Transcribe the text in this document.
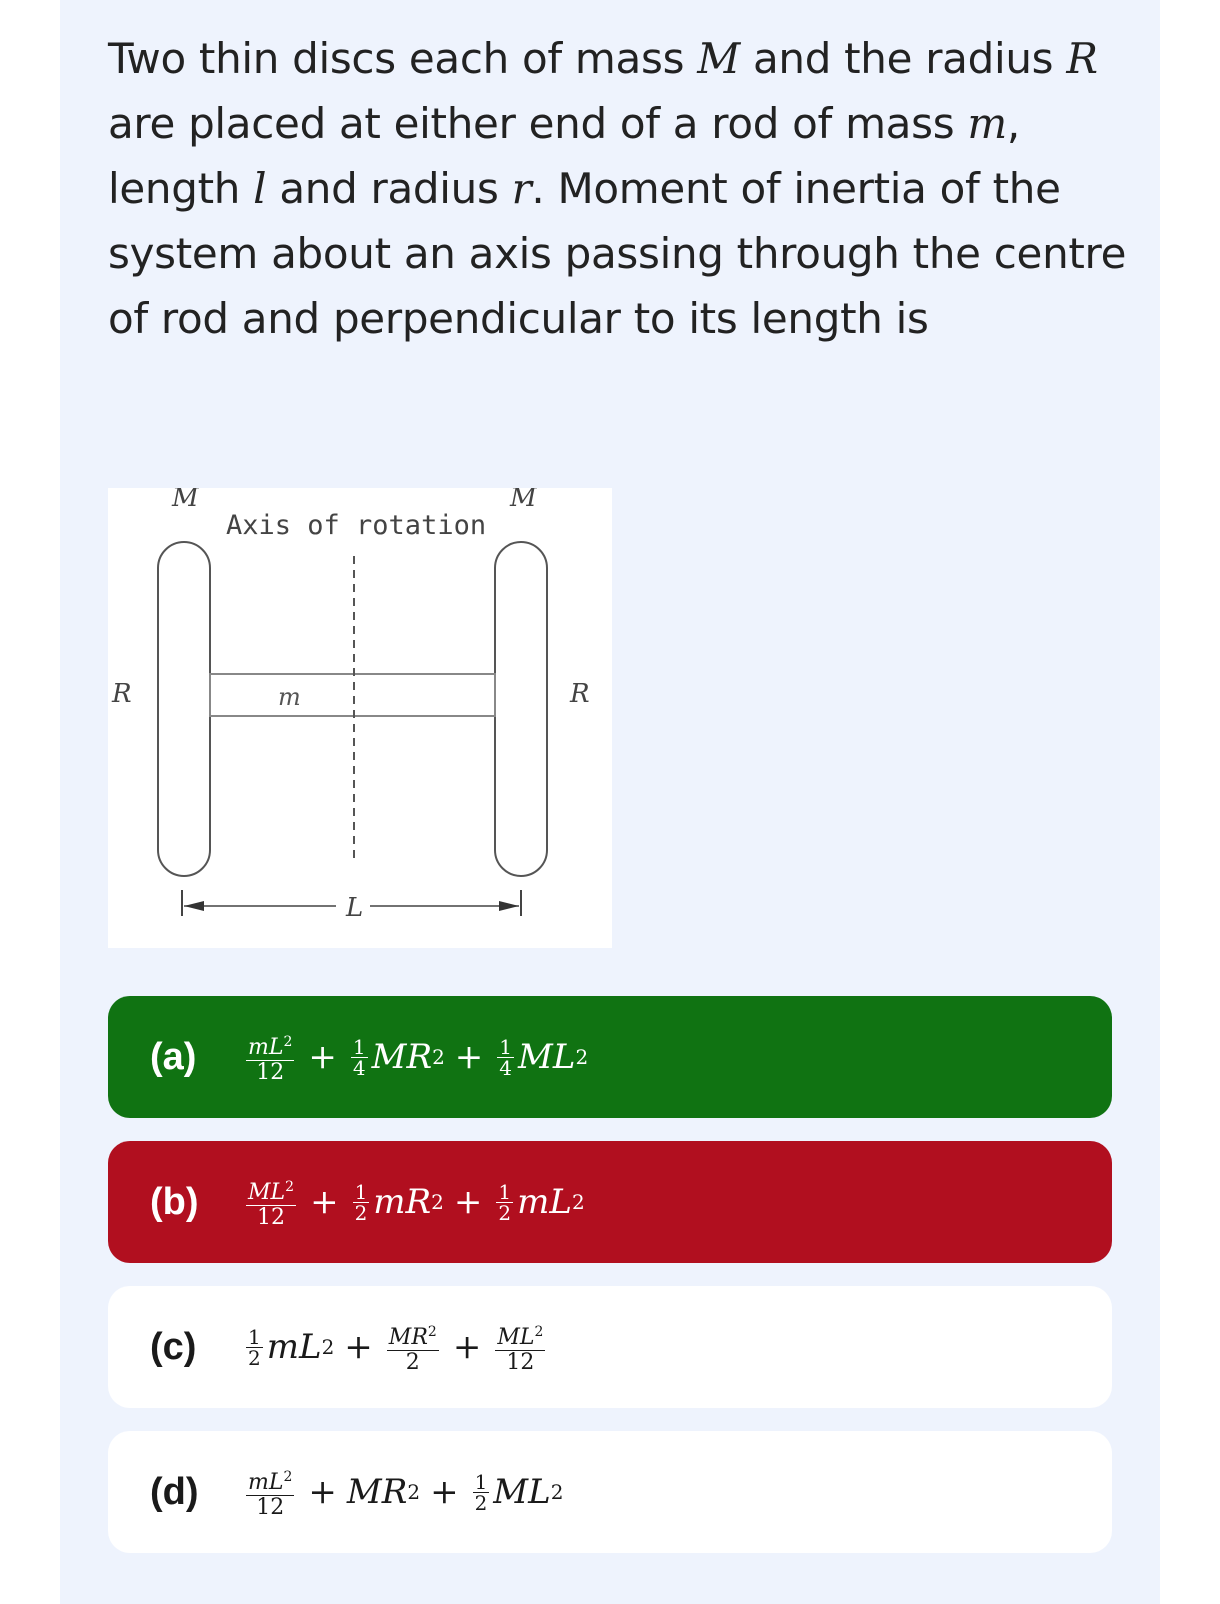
Two thin discs each of mass M and the radius R
are placed at either end of a rod of mass m,
length l and radius r. Moment of inertia of the
system about an axis passing through the centre
of rod and perpendicular to its length is
M	M
Axis of rotation
R	R
m
L
(a)	$\frac{mL^2}{12} + \frac{1}{4}$ MR $2 + \frac{1}{4}$ ML 2
(b)	$\frac{ML^2}{12} + \frac{1}{2}$ mR $2 + \frac{1}{2}$ mL 2
(c)	$\frac{1}{2}$ mL $2 + \frac{MR^2}{2} + \frac{ML^2}{12}$
(d)	$\frac{mL^2}{12}$ + MR $2 + \frac{1}{2}$ ML 2
